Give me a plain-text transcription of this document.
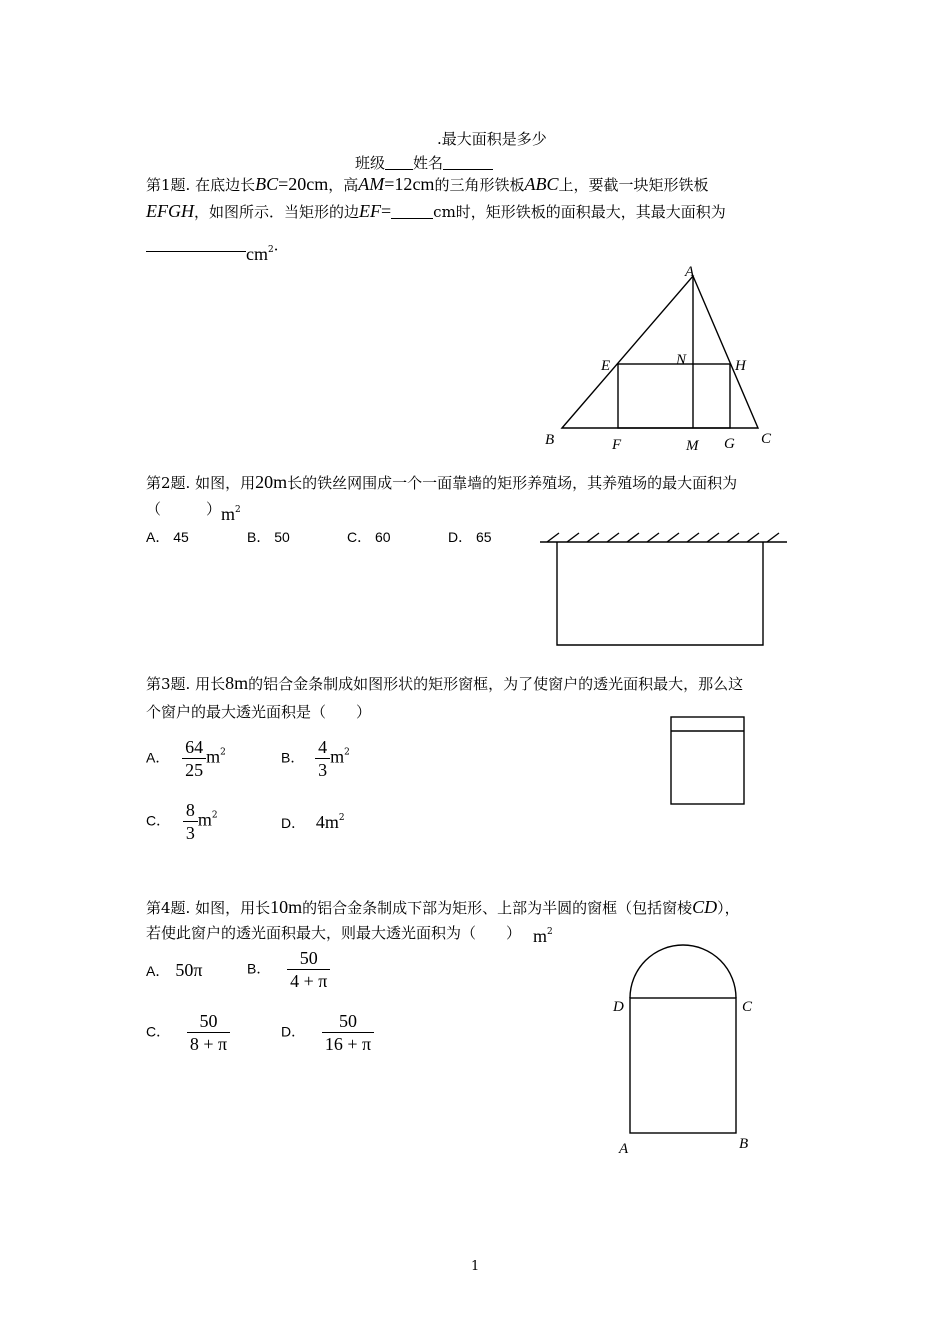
.最大面积是多少
班级 姓名
第1题. 在底边长BC=20cm，高AM=12cm的三角形铁板ABC上，要截一块矩形铁板
EFGH，如图所示．当矩形的边EF=	cm时，矩形铁板的面积最大，其最大面积为
$cm^2$．
A
N
E	H
B	F	M G C
第2题. 如图，用20m长的铁丝网围成一个一面靠墙的矩形养殖场，其养殖场的最大面积为
（　　　）$m^2$
A． 45	B． 50	C． 60	D． 65
第3题. 用长8m的铝合金条制成如图形状的矩形窗框，为了使窗户的透光面积最大，那么这
个窗户的最大透光面积是（　　）
A． $\frac{64}{25} m^2$	B． $\frac{4}{3} m^2$
C． $\frac{8}{3} m^2$	D． $4m^2$
第4题. 如图，用长10m的铝合金条制成下部为矩形、上部为半圆的窗框（包括窗棱CD），
若使此窗户的透光面积最大，则最大透光面积为（　　） $m^2$
A． 50π	B． $\frac{50}{4 + \pi}$
C． $\frac{50}{8 + \pi}$	D． $\frac{50}{16 + \pi}$
D	C
A	B
1
